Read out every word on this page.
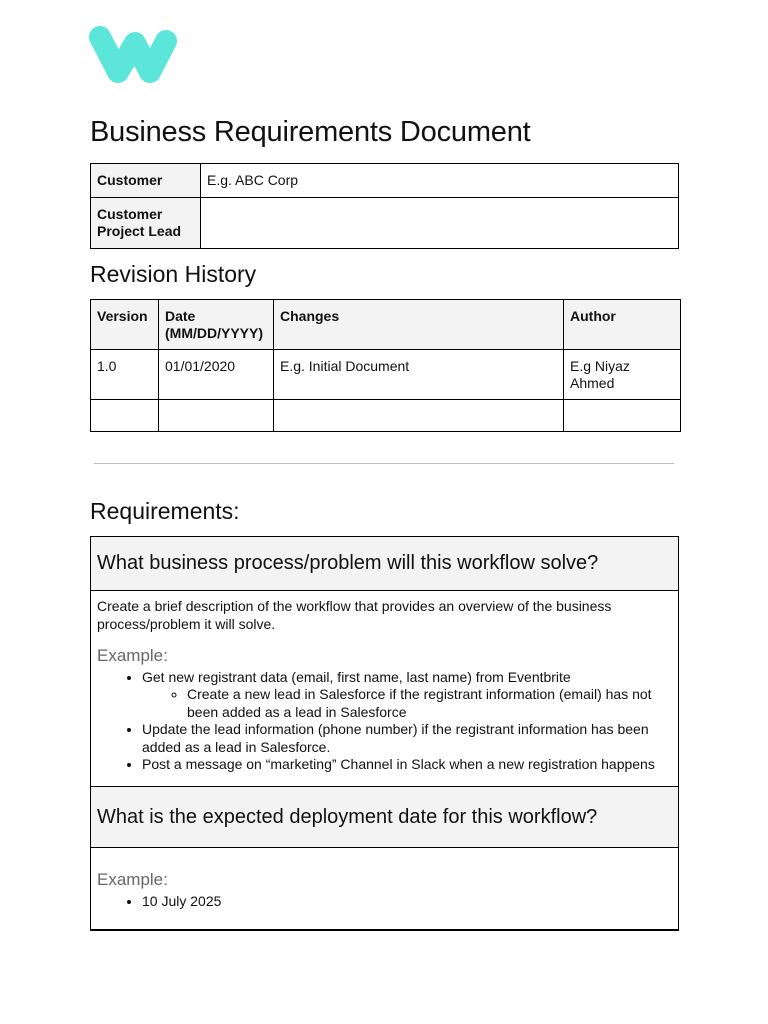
Business Requirements Document
Customer	E.g. ABC Corp
Customer Project Lead	
Revision History
Version	Date (MM/DD/YYYY)	Changes	Author
1.0	01/01/2020	E.g. Initial Document	E.g Niyaz Ahmed

Requirements:
What business process/problem will this workflow solve?
Create a brief description of the workflow that provides an overview of the business process/problem it will solve.
Example:
• Get new registrant data (email, first name, last name) from Eventbrite
◦ Create a new lead in Salesforce if the registrant information (email) has not been added as a lead in Salesforce
• Update the lead information (phone number) if the registrant information has been added as a lead in Salesforce.
• Post a message on “marketing” Channel in Slack when a new registration happens
What is the expected deployment date for this workflow?
Example:
• 10 July 2025
